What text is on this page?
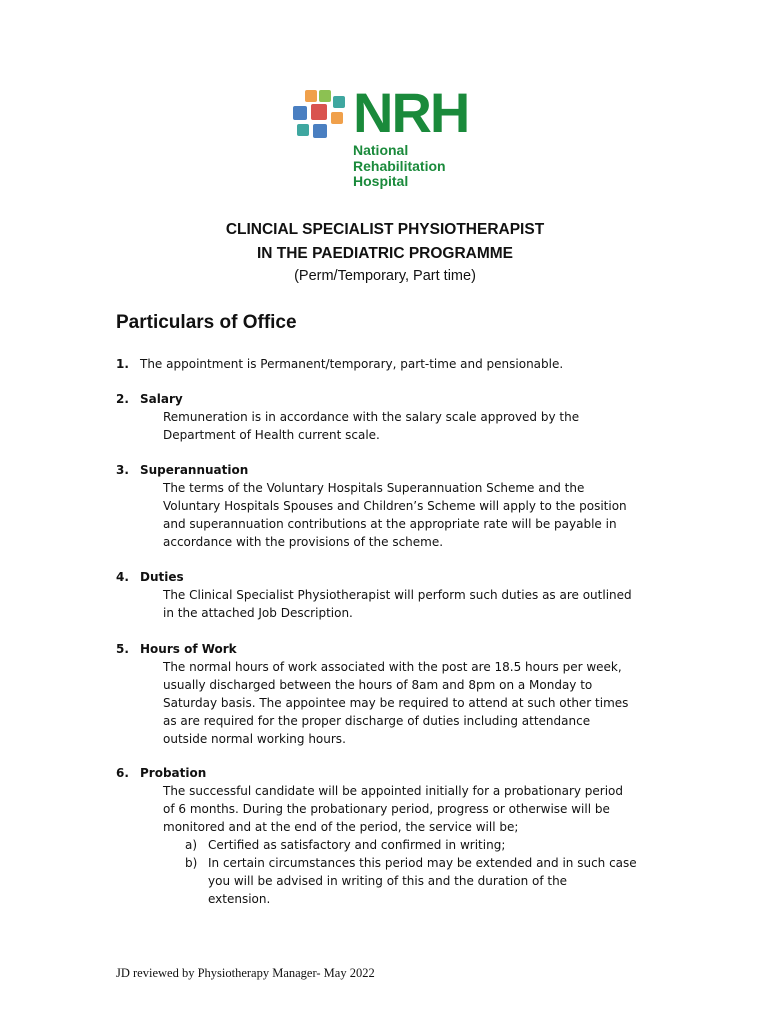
NRH
National
Rehabilitation
Hospital
CLINCIAL SPECIALIST PHYSIOTHERAPIST
IN THE PAEDIATRIC PROGRAMME
(Perm/Temporary, Part time)
Particulars of Office
1. The appointment is Permanent/temporary, part-time and pensionable.
2. Salary
Remuneration is in accordance with the salary scale approved by the
Department of Health current scale.
3. Superannuation
The terms of the Voluntary Hospitals Superannuation Scheme and the
Voluntary Hospitals Spouses and Children’s Scheme will apply to the position
and superannuation contributions at the appropriate rate will be payable in
accordance with the provisions of the scheme.
4. Duties
The Clinical Specialist Physiotherapist will perform such duties as are outlined
in the attached Job Description.
5. Hours of Work
The normal hours of work associated with the post are 18.5 hours per week,
usually discharged between the hours of 8am and 8pm on a Monday to
Saturday basis. The appointee may be required to attend at such other times
as are required for the proper discharge of duties including attendance
outside normal working hours.
6. Probation
The successful candidate will be appointed initially for a probationary period
of 6 months. During the probationary period, progress or otherwise will be
monitored and at the end of the period, the service will be;
a) Certified as satisfactory and confirmed in writing;
b) In certain circumstances this period may be extended and in such case
you will be advised in writing of this and the duration of the
extension.
JD reviewed by Physiotherapy Manager- May 2022
